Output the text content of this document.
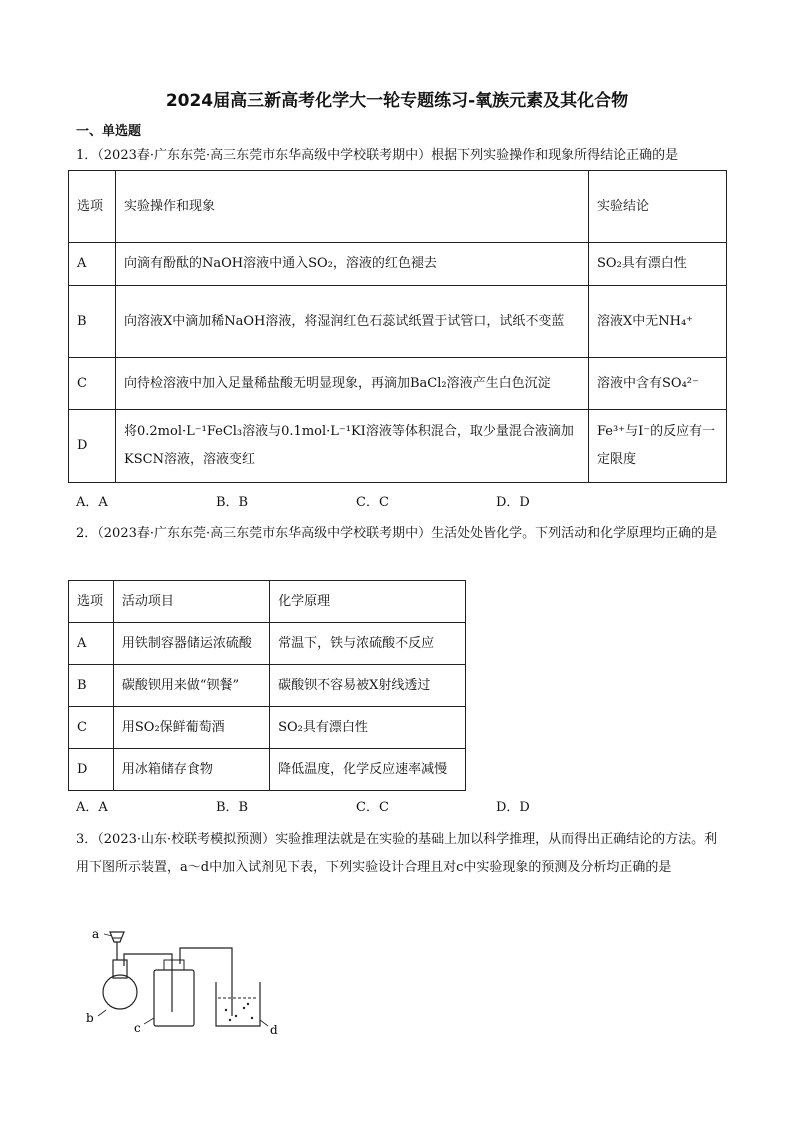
2024届高三新高考化学大一轮专题练习-氧族元素及其化合物
一、单选题
1．（2023春·广东东莞·高三东莞市东华高级中学校联考期中）根据下列实验操作和现象所得结论正确的是
选项	实验操作和现象	实验结论
A	向滴有酚酞的NaOH溶液中通入SO₂，溶液的红色褪去	SO₂具有漂白性
B	向溶液X中滴加稀NaOH溶液，将湿润红色石蕊试纸置于试管口，试纸不变蓝	溶液X中无NH₄⁺
C	向待检溶液中加入足量稀盐酸无明显现象，再滴加BaCl₂溶液产生白色沉淀	溶液中含有SO₄²⁻
D	将0.2mol·L⁻¹FeCl₃溶液与0.1mol·L⁻¹KI溶液等体积混合，取少量混合液滴加KSCN溶液，溶液变红	Fe³⁺与I⁻的反应有一定限度
A．A	B．B	C．C	D．D
2．（2023春·广东东莞·高三东莞市东华高级中学校联考期中）生活处处皆化学。下列活动和化学原理均正确的是
选项	活动项目	化学原理
A	用铁制容器储运浓硫酸	常温下，铁与浓硫酸不反应
B	碳酸钡用来做“钡餐”	碳酸钡不容易被X射线透过
C	用SO₂保鲜葡萄酒	SO₂具有漂白性
D	用冰箱储存食物	降低温度，化学反应速率减慢
A．A	B．B	C．C	D．D
3．（2023·山东·校联考模拟预测）实验推理法就是在实验的基础上加以科学推理，从而得出正确结论的方法。利用下图所示装置，a～d中加入试剂见下表，下列实验设计合理且对c中实验现象的预测及分析均正确的是
a
b
c	d
